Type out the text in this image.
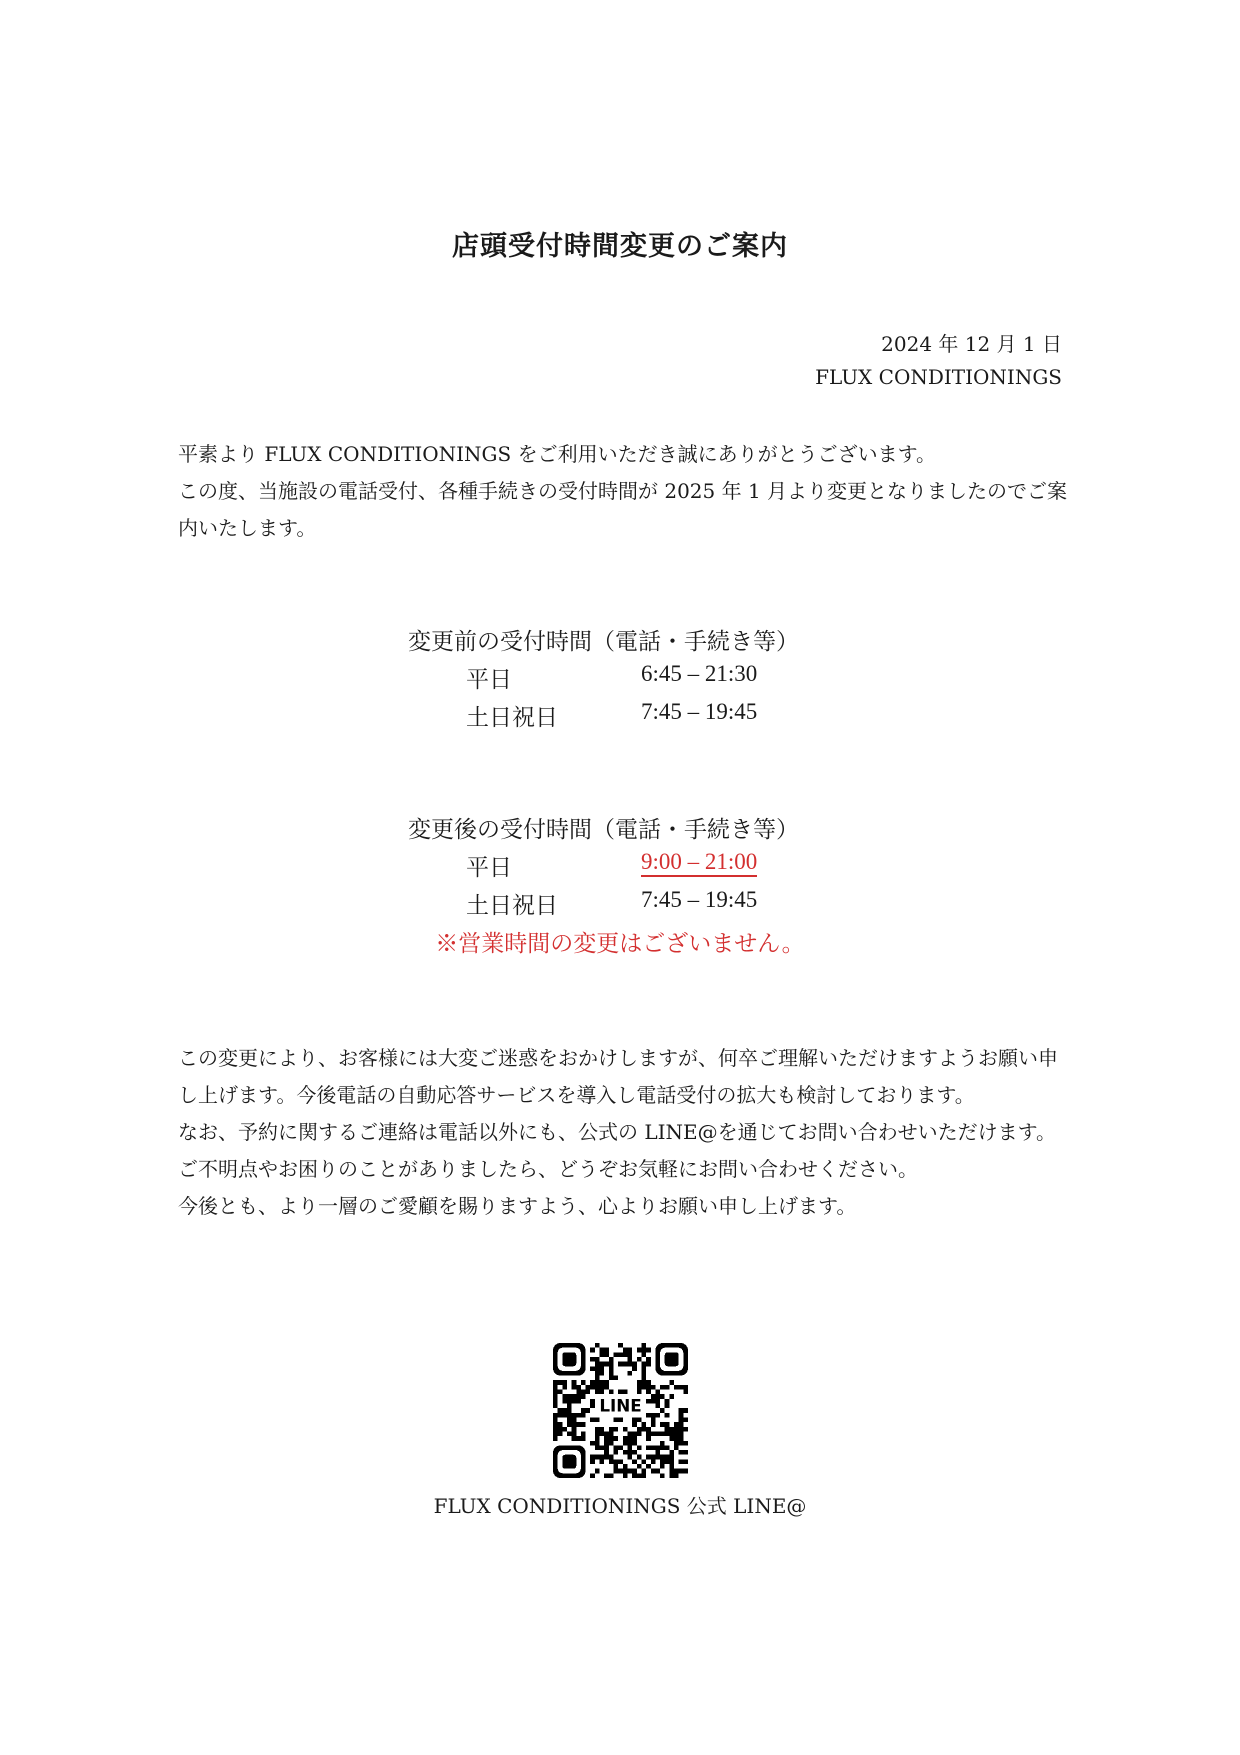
店頭受付時間変更のご案内
2024 年 12 月 1 日
FLUX CONDITIONINGS

平素より FLUX CONDITIONINGS をご利用いただき誠にありがとうございます。

この度、当施設の電話受付、各種手続きの受付時間が 2025 年 1 月より変更となりましたのでご案内いたします。

変更前の受付時間（電話・手続き等）
平日	6:45 – 21:30
土日祝日	7:45 – 19:45
変更後の受付時間（電話・手続き等）
平日	9:00 – 21:00
土日祝日	7:45 – 19:45
※営業時間の変更はございません。

この変更により、お客様には大変ご迷惑をおかけしますが、何卒ご理解いただけますようお願い申し上げます。今後電話の自動応答サービスを導入し電話受付の拡大も検討しております。

なお、予約に関するご連絡は電話以外にも、公式の LINE@を通じてお問い合わせいただけます。ご不明点やお困りのことがありましたら、どうぞお気軽にお問い合わせください。

今後とも、より一層のご愛顧を賜りますよう、心よりお願い申し上げます。

LINE
FLUX CONDITIONINGS 公式 LINE@
